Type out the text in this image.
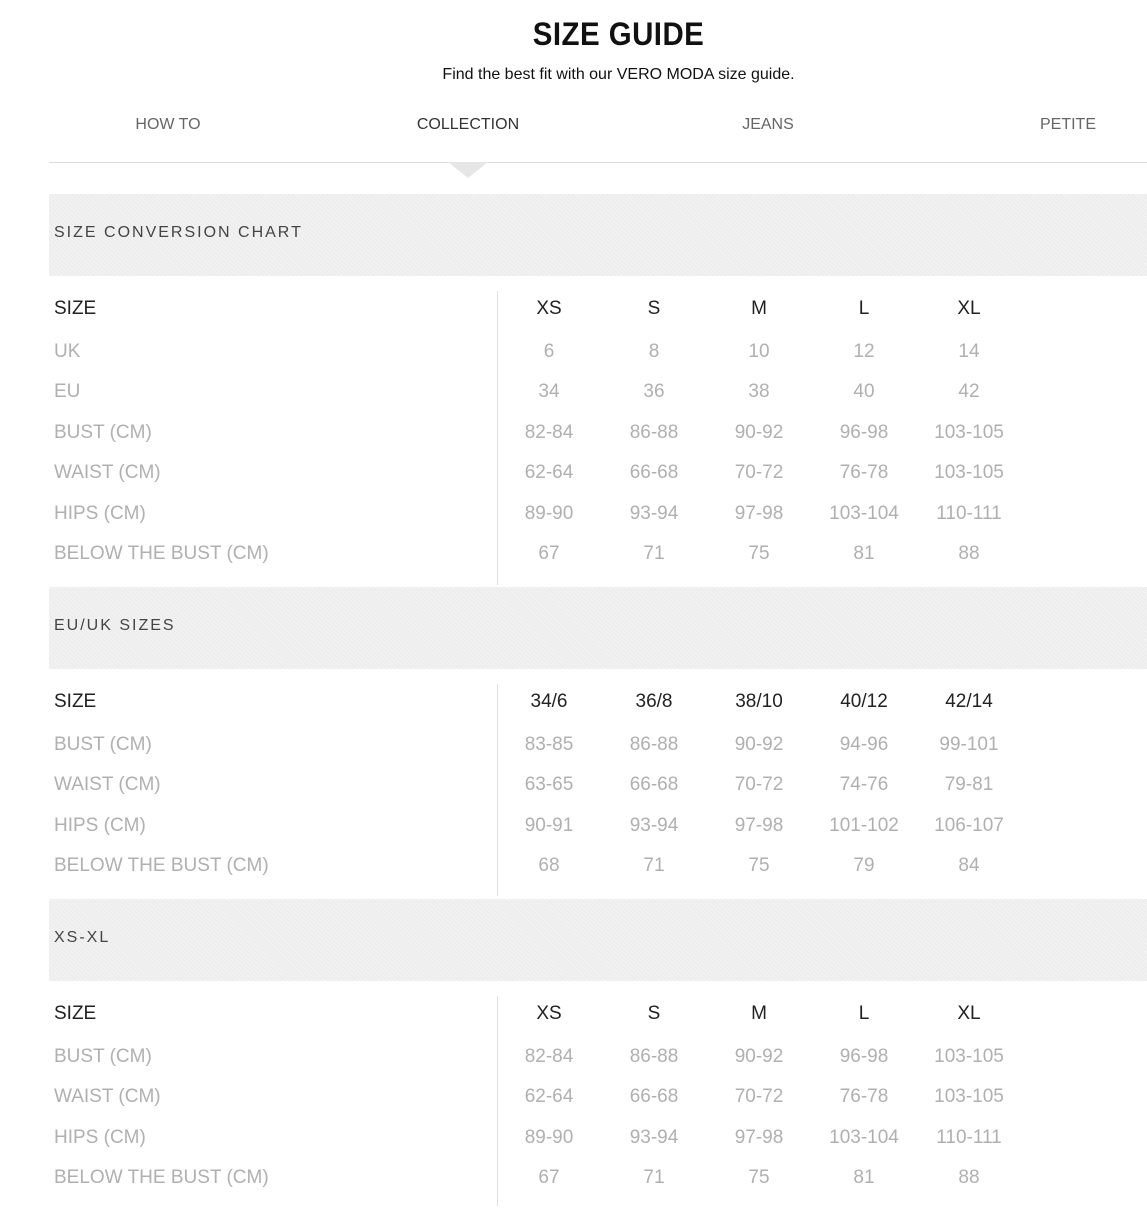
SIZE GUIDE
Find the best fit with our VERO MODA size guide.
HOW TO	COLLECTION	JEANS	PETITE
SIZE CONVERSION CHART
SIZE	XS	S	M	L	XL
UK	6	8	10	12	14
EU	34	36	38	40	42
BUST (CM)	82-84	86-88	90-92	96-98	103-105
WAIST (CM)	62-64	66-68	70-72	76-78	103-105
HIPS (CM)	89-90	93-94	97-98	103-104	110-111
BELOW THE BUST (CM)	67	71	75	81	88
EU/UK SIZES
SIZE	34/6	36/8	38/10	40/12	42/14
BUST (CM)	83-85	86-88	90-92	94-96	99-101
WAIST (CM)	63-65	66-68	70-72	74-76	79-81
HIPS (CM)	90-91	93-94	97-98	101-102	106-107
BELOW THE BUST (CM)	68	71	75	79	84
XS-XL
SIZE	XS	S	M	L	XL
BUST (CM)	82-84	86-88	90-92	96-98	103-105
WAIST (CM)	62-64	66-68	70-72	76-78	103-105
HIPS (CM)	89-90	93-94	97-98	103-104	110-111
BELOW THE BUST (CM)	67	71	75	81	88
